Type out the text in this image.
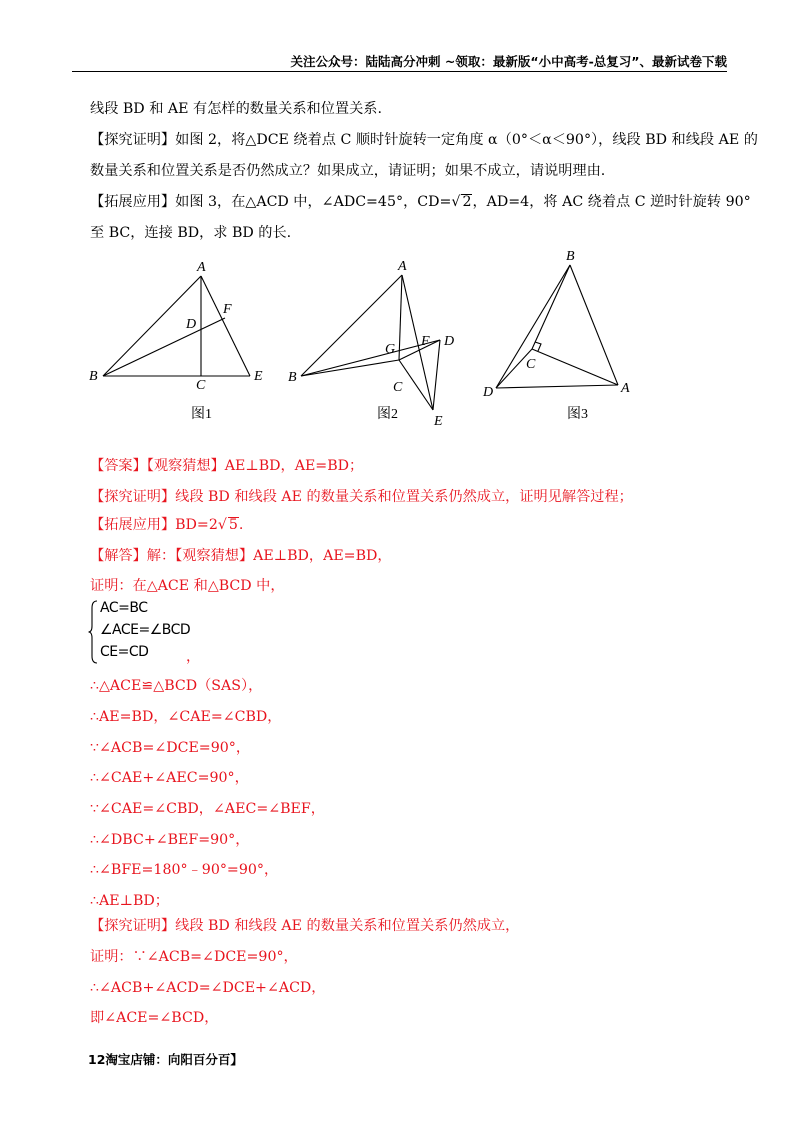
关注公众号：陆陆高分冲刺 ~领取：最新版“小中高考-总复习”、最新试卷下载
线段 BD 和 AE 有怎样的数量关系和位置关系.
【探究证明】如图 2，将△DCE 绕着点 C 顺时针旋转一定角度 α（0°＜α＜90°），线段 BD 和线段 AE 的
数量关系和位置关系是否仍然成立？如果成立，请证明；如果不成立，请说明理由.
【拓展应用】如图 3，在△ACD 中，∠ADC=45°，CD=√ 2，AD=4，将 AC 绕着点 C 逆时针旋转 90°
至 BC，连接 BD，求 BD 的长.
A
B
C
D
E
F
图1
A
B
C
D
E
F
G
图2
B
C
D	A
图3
【答案】【观察猜想】AE⊥BD，AE=BD；
【探究证明】线段 BD 和线段 AE 的数量关系和位置关系仍然成立，证明见解答过程；
【拓展应用】BD=2√ 5.
【解答】解：【观察猜想】AE⊥BD，AE=BD，
证明：在△ACE 和△BCD 中，
AC=BC
∠ACE=∠BCD
CE=CD	，
∴△ACE≌△BCD（SAS），
∴AE=BD，∠CAE=∠CBD，
∵∠ACB=∠DCE=90°，
∴∠CAE+∠AEC=90°，
∵∠CAE=∠CBD，∠AEC=∠BEF，
∴∠DBC+∠BEF=90°，
∴∠BFE=180°﹣90°=90°，
∴AE⊥BD；
【探究证明】线段 BD 和线段 AE 的数量关系和位置关系仍然成立，
证明：∵∠ACB=∠DCE=90°，
∴∠ACB+∠ACD=∠DCE+∠ACD，
即∠ACE=∠BCD，
12淘宝店铺：向阳百分百】
